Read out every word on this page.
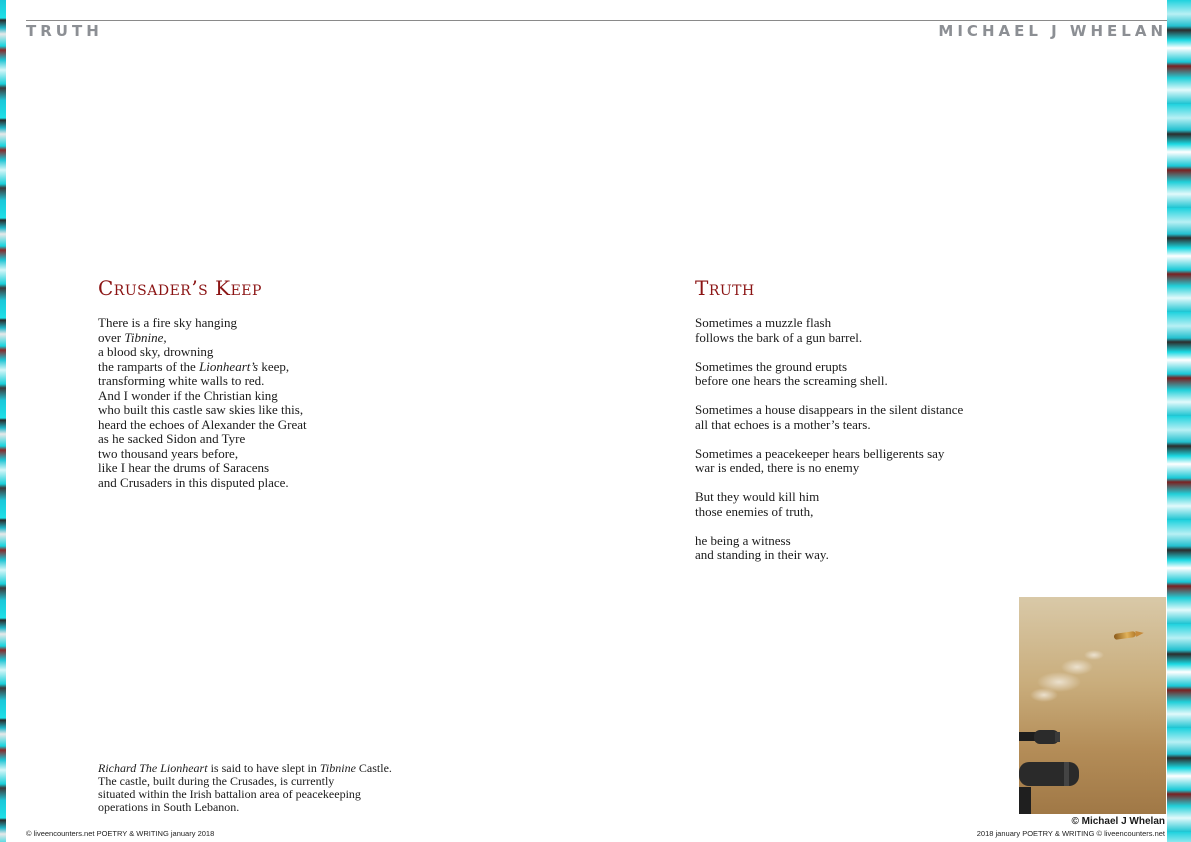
TRUTH	MICHAEL J WHELAN
Crusader’s Keep
There is a fire sky hanging
over Tibnine,
a blood sky, drowning
the ramparts of the Lionheart’s keep,
transforming white walls to red.
And I wonder if the Christian king
who built this castle saw skies like this,
heard the echoes of Alexander the Great
as he sacked Sidon and Tyre
two thousand years before,
like I hear the drums of Saracens
and Crusaders in this disputed place.
Truth
Sometimes a muzzle flash
follows the bark of a gun barrel.
Sometimes the ground erupts
before one hears the screaming shell.
Sometimes a house disappears in the silent distance
all that echoes is a mother’s tears.
Sometimes a peacekeeper hears belligerents say
war is ended, there is no enemy
But they would kill him
those enemies of truth,
he being a witness
and standing in their way.
Richard The Lionheart is said to have slept in Tibnine Castle.
The castle, built during the Crusades, is currently
situated within the Irish battalion area of peacekeeping
operations in South Lebanon.
© Michael J Whelan
© liveencounters.net POETRY & WRITING january 2018	2018 january POETRY & WRITING © liveencounters.net
